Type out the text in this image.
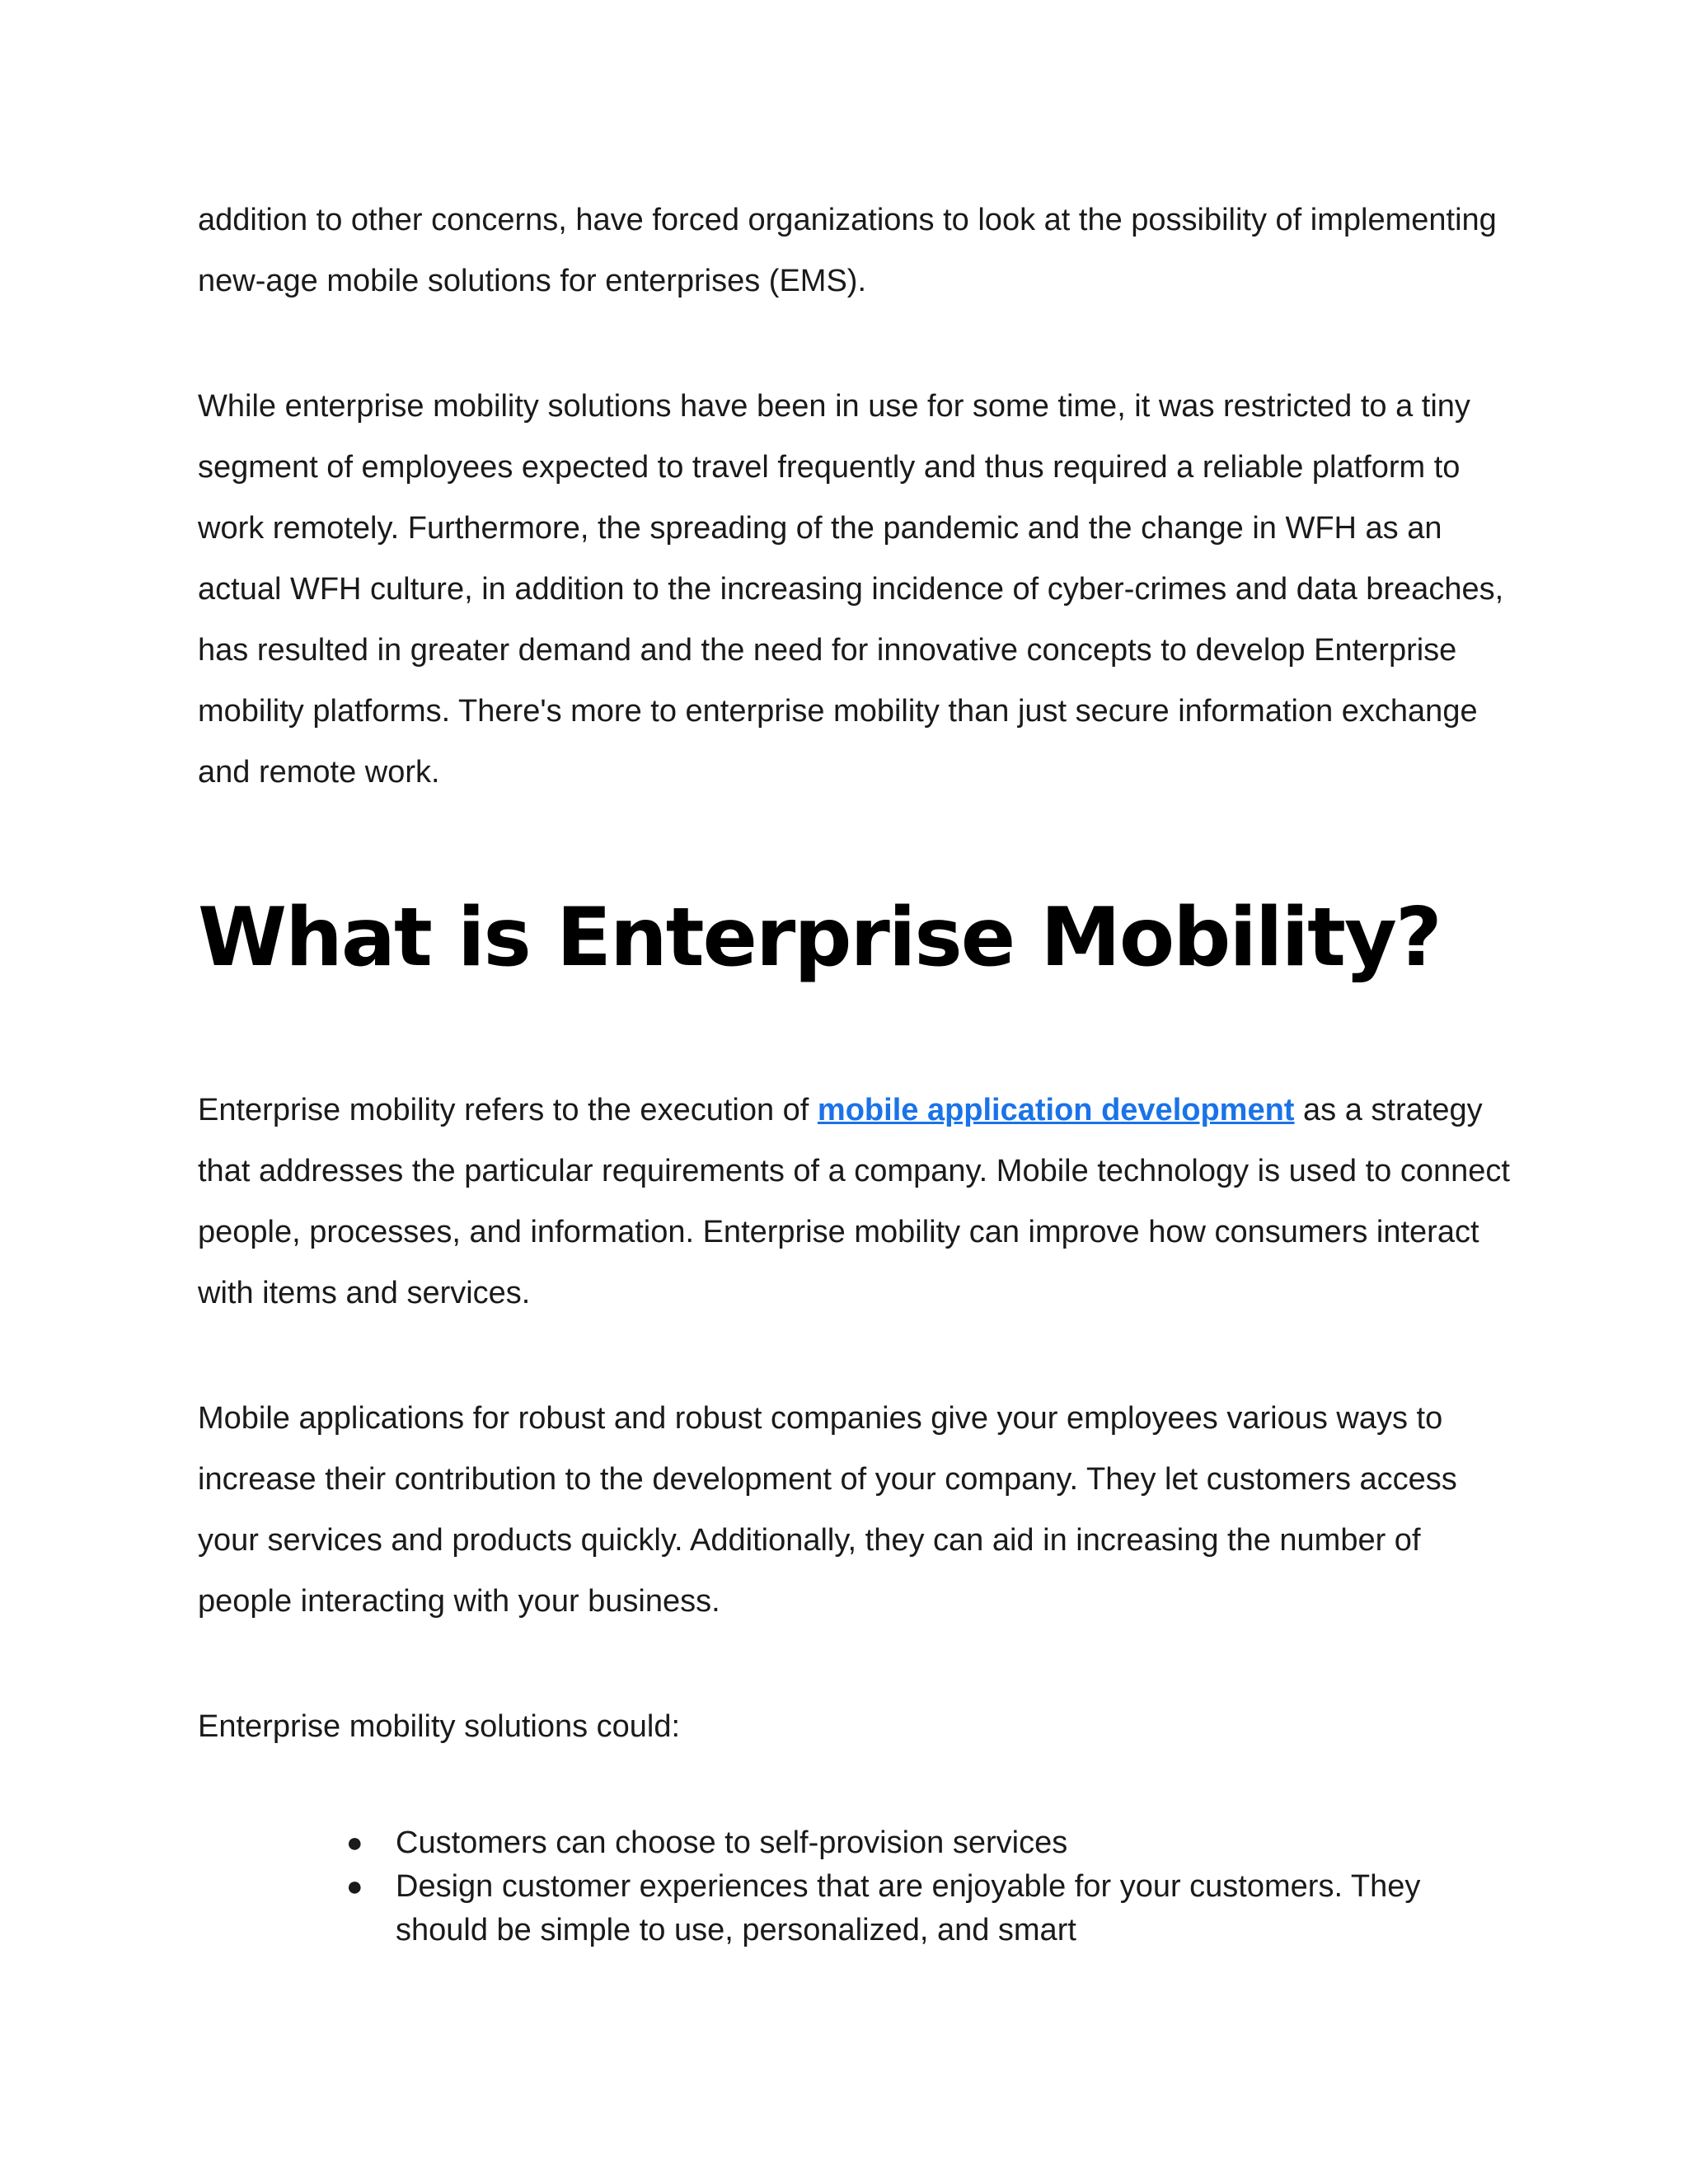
addition to other concerns, have forced organizations to look at the possibility of implementing new-age mobile solutions for enterprises (EMS).

While enterprise mobility solutions have been in use for some time, it was restricted to a tiny segment of employees expected to travel frequently and thus required a reliable platform to work remotely. Furthermore, the spreading of the pandemic and the change in WFH as an actual WFH culture, in addition to the increasing incidence of cyber-crimes and data breaches, has resulted in greater demand and the need for innovative concepts to develop Enterprise mobility platforms. There's more to enterprise mobility than just secure information exchange and remote work.

What is Enterprise Mobility?

Enterprise mobility refers to the execution of mobile application development as a strategy that addresses the particular requirements of a company. Mobile technology is used to connect people, processes, and information. Enterprise mobility can improve how consumers interact with items and services.

Mobile applications for robust and robust companies give your employees various ways to increase their contribution to the development of your company. They let customers access your services and products quickly. Additionally, they can aid in increasing the number of people interacting with your business.

Enterprise mobility solutions could:

●	Customers can choose to self-provision services
●	Design customer experiences that are enjoyable for your customers. They should be simple to use, personalized, and smart
